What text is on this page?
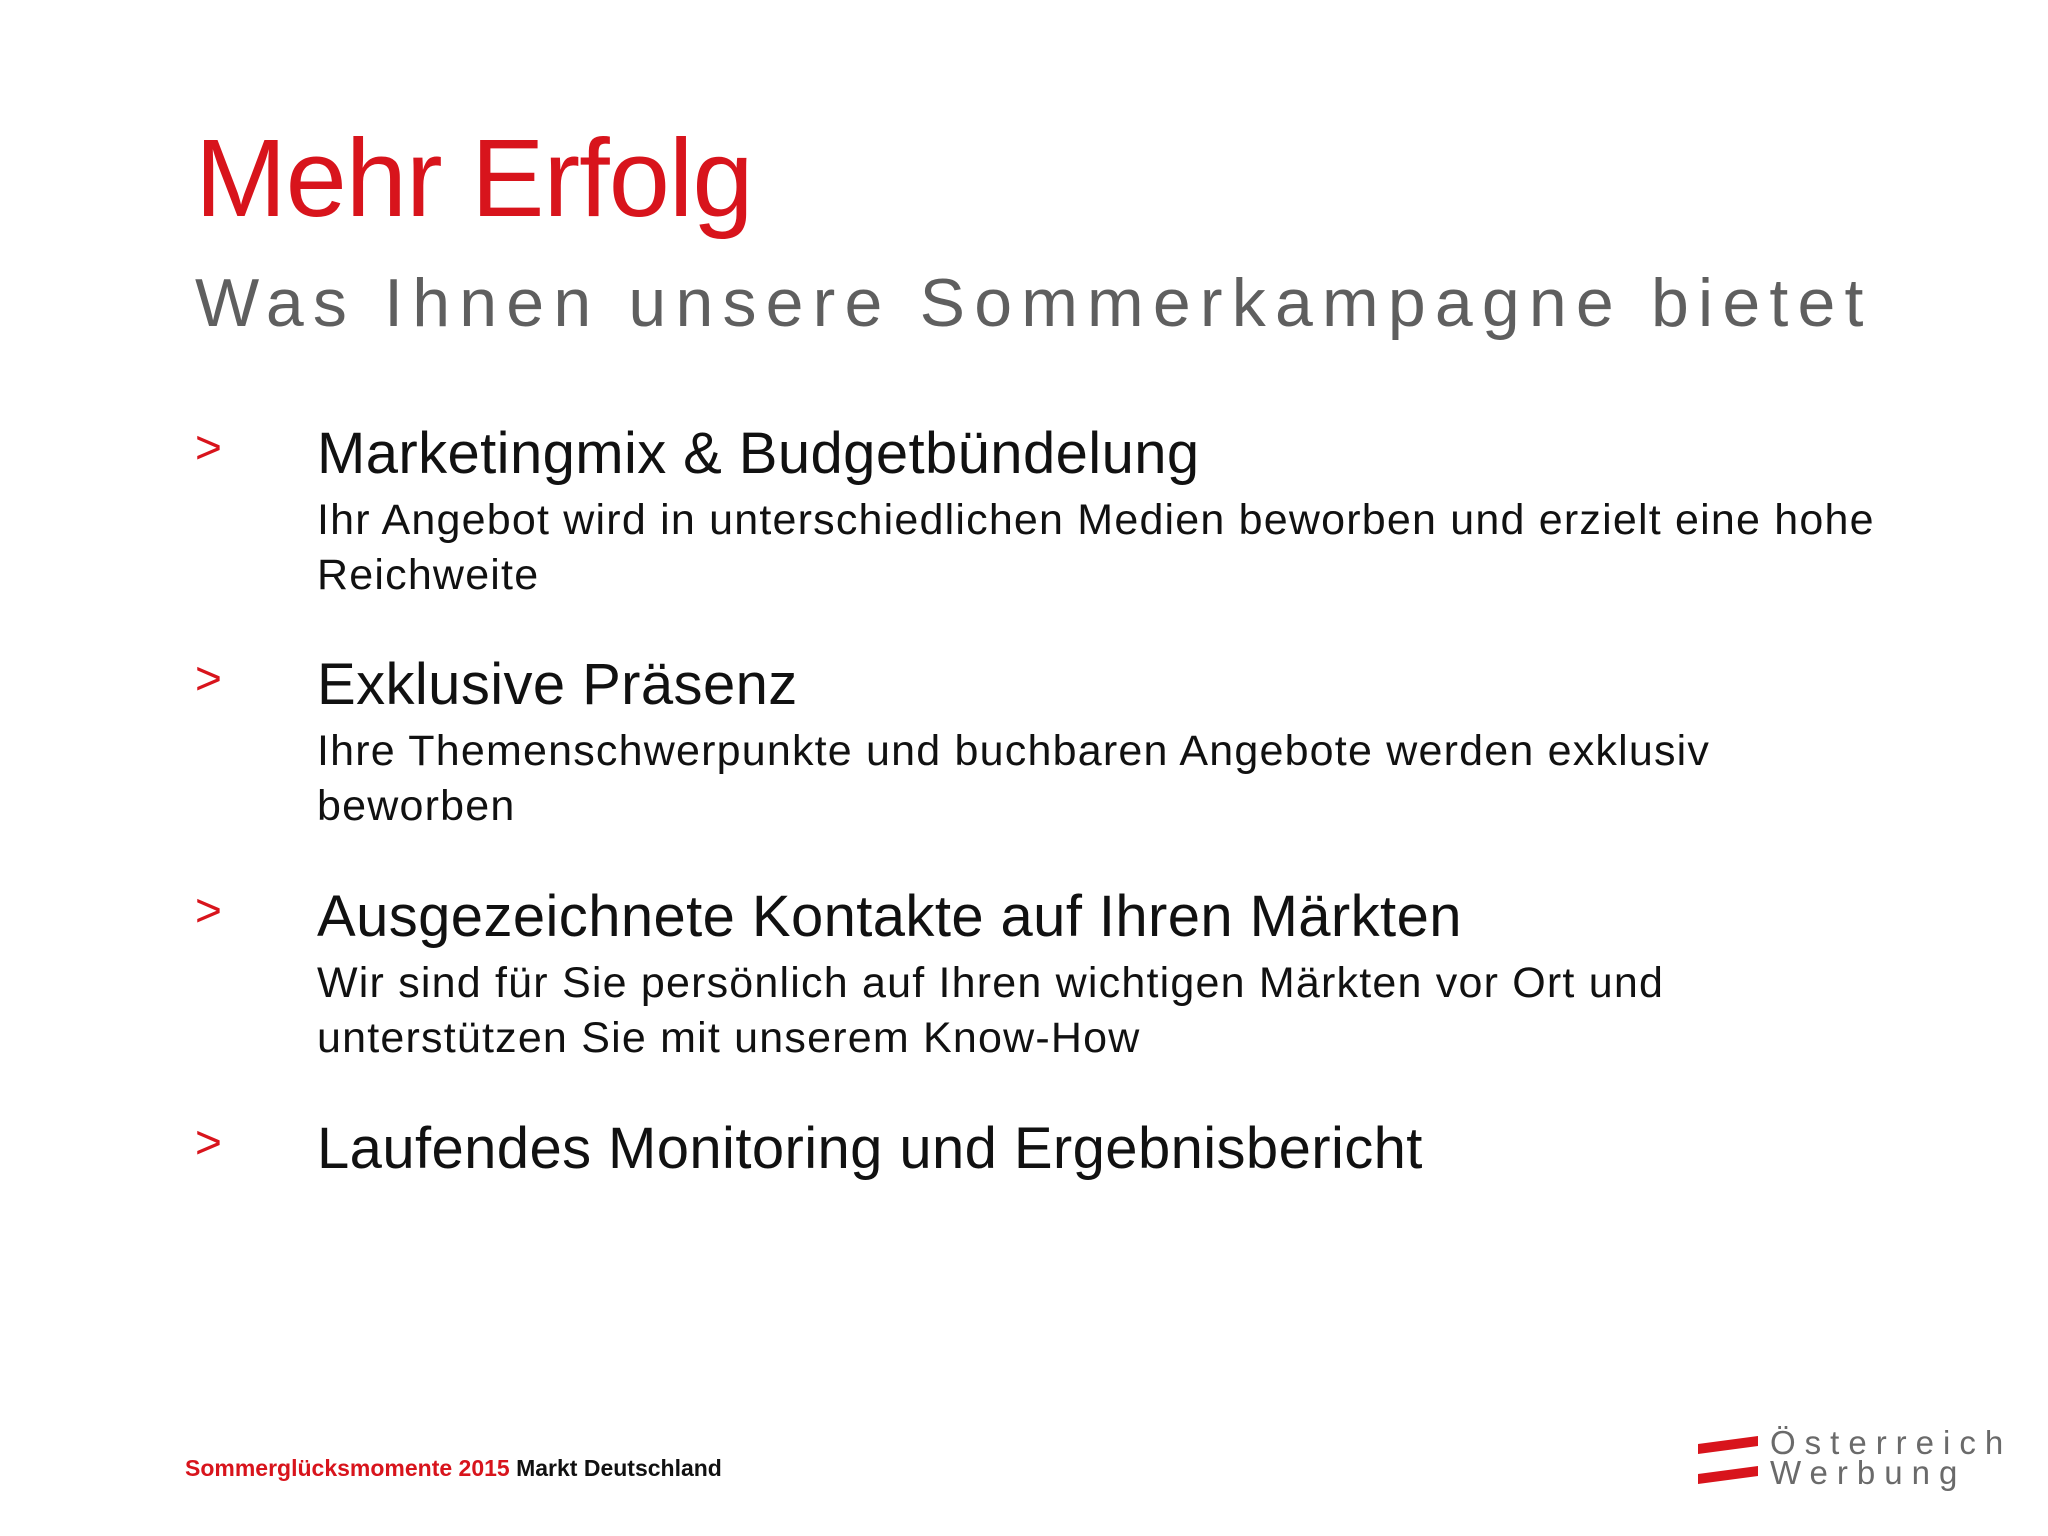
Mehr Erfolg
Was Ihnen unsere Sommerkampagne bietet
> Marketingmix & Budgetbündelung
Ihr Angebot wird in unterschiedlichen Medien beworben und erzielt eine hohe Reichweite
> Exklusive Präsenz
Ihre Themenschwerpunkte und buchbaren Angebote werden exklusiv beworben
> Ausgezeichnete Kontakte auf Ihren Märkten
Wir sind für Sie persönlich auf Ihren wichtigen Märkten vor Ort und unterstützen Sie mit unserem Know-How
> Laufendes Monitoring und Ergebnisbericht
Sommerglücksmomente 2015 Markt Deutschland
Österreich
Werbung
